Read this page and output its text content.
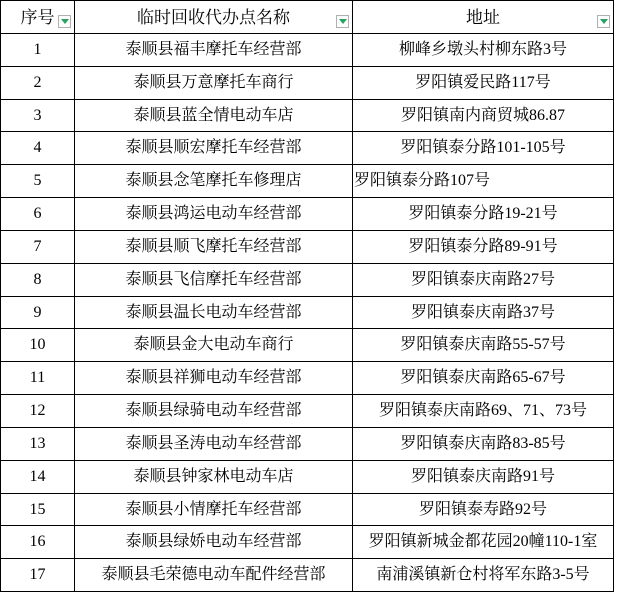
序号	临时回收代办点名称	地址
1	泰顺县福丰摩托车经营部	柳峰乡墩头村柳东路3号
2	泰顺县万意摩托车商行	罗阳镇爱民路117号
3	泰顺县蓝全情电动车店	罗阳镇南内商贸城86.87
4	泰顺县顺宏摩托车经营部	罗阳镇泰分路101-105号
5	泰顺县念笔摩托车修理店	罗阳镇泰分路107号
6	泰顺县鸿运电动车经营部	罗阳镇泰分路19-21号
7	泰顺县顺飞摩托车经营部	罗阳镇泰分路89-91号
8	泰顺县飞信摩托车经营部	罗阳镇泰庆南路27号
9	泰顺县温长电动车经营部	罗阳镇泰庆南路37号
10	泰顺县金大电动车商行	罗阳镇泰庆南路55-57号
11	泰顺县祥狮电动车经营部	罗阳镇泰庆南路65-67号
12	泰顺县绿骑电动车经营部	罗阳镇泰庆南路69、71、73号
13	泰顺县圣涛电动车经营部	罗阳镇泰庆南路83-85号
14	泰顺县钟家林电动车店	罗阳镇泰庆南路91号
15	泰顺县小情摩托车经营部	罗阳镇泰寿路92号
16	泰顺县绿娇电动车经营部	罗阳镇新城金都花园20幢110-1室
17	泰顺县毛荣德电动车配件经营部	南浦溪镇新仓村将军东路3-5号
